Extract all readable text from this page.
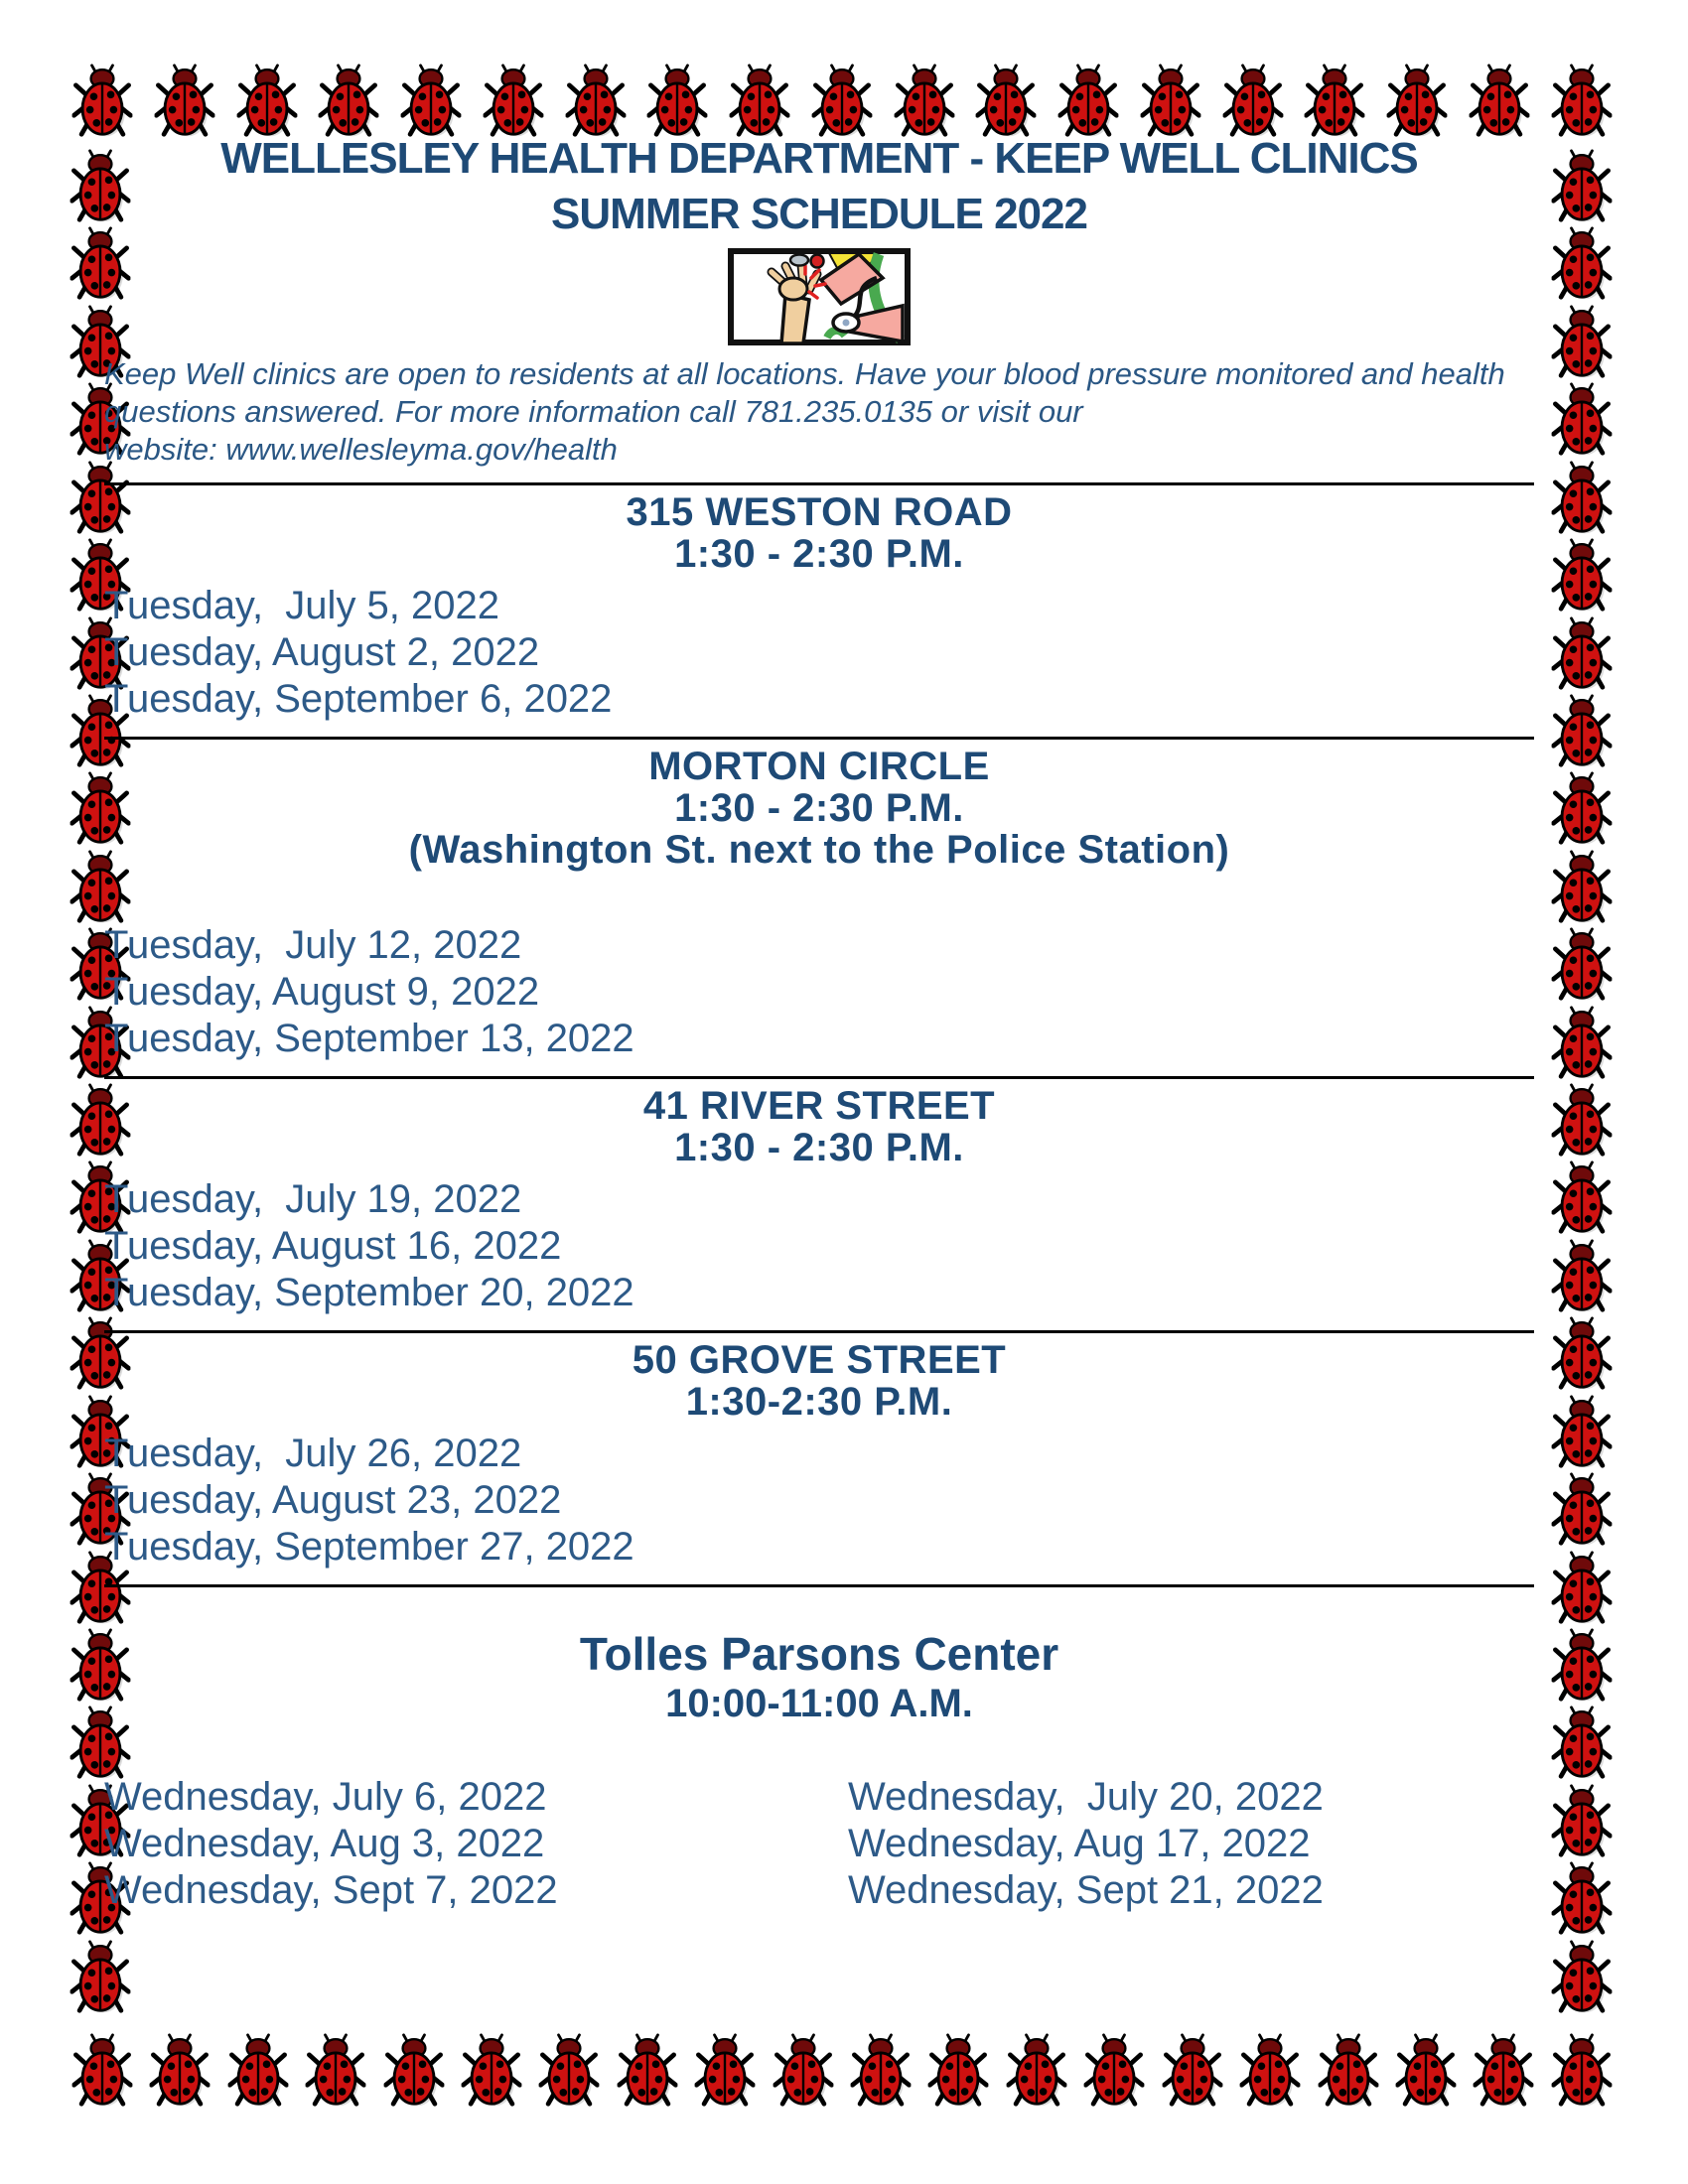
WELLESLEY HEALTH DEPARTMENT - KEEP WELL CLINICS
SUMMER SCHEDULE 2022

Keep Well clinics are open to residents at all locations. Have your blood pressure monitored and health questions answered. For more information call 781.235.0135 or visit our
website: www.wellesleyma.gov/health

315 WESTON ROAD
1:30 - 2:30 P.M.
Tuesday,  July 5, 2022
Tuesday, August 2, 2022
Tuesday, September 6, 2022
MORTON CIRCLE
1:30 - 2:30 P.M.
(Washington St. next to the Police Station)
Tuesday,  July 12, 2022
Tuesday, August 9, 2022
Tuesday, September 13, 2022
41 RIVER STREET
1:30 - 2:30 P.M.
Tuesday,  July 19, 2022
Tuesday, August 16, 2022
Tuesday, September 20, 2022
50 GROVE STREET
1:30-2:30 P.M.
Tuesday,  July 26, 2022
Tuesday, August 23, 2022
Tuesday, September 27, 2022
Tolles Parsons Center
10:00-11:00 A.M.
Wednesday, July 6, 2022
Wednesday, Aug 3, 2022
Wednesday, Sept 7, 2022
Wednesday,  July 20, 2022
Wednesday, Aug 17, 2022
Wednesday, Sept 21, 2022
